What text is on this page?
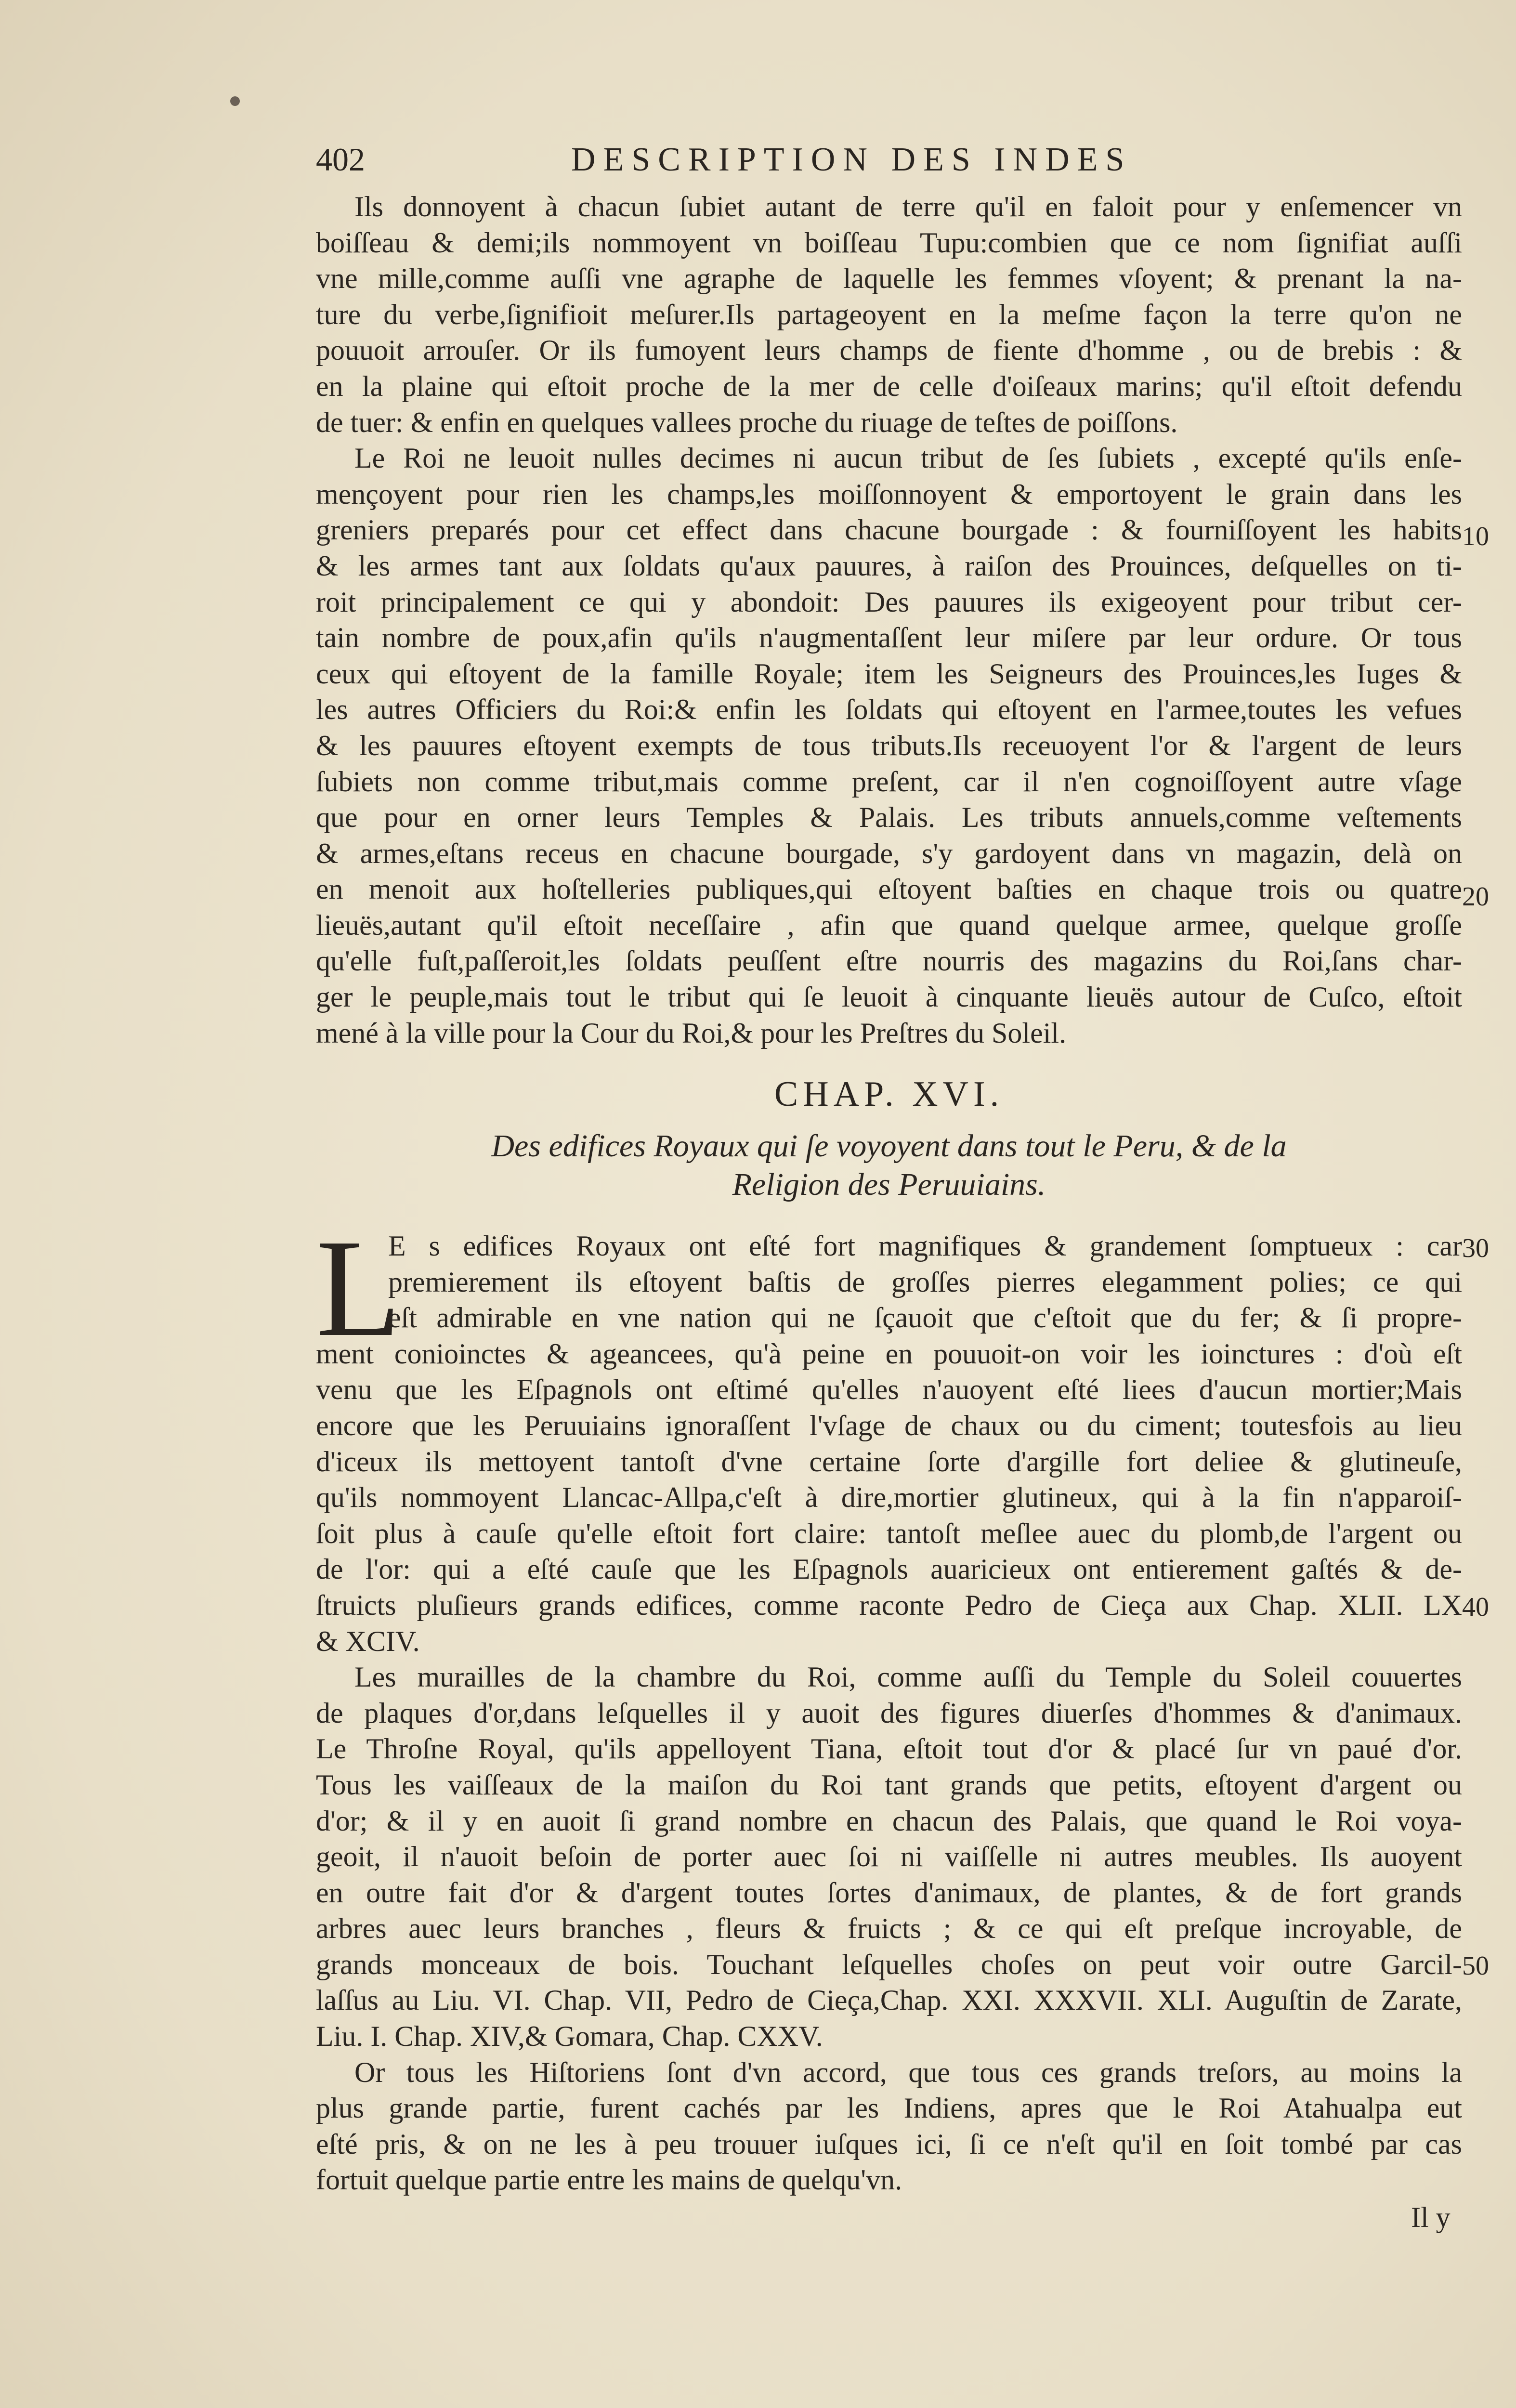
402	DESCRIPTION DES INDES
Ils donnoyent à chacun ſubiet autant de terre qu'il en faloit pour y enſemencer vn
boiſſeau & demi;ils nommoyent vn boiſſeau Tupu:combien que ce nom ſignifiat auſſi
vne mille,comme auſſi vne agraphe de laquelle les femmes vſoyent; & prenant la na-
ture du verbe,ſignifioit meſurer.Ils partageoyent en la meſme façon la terre qu'on ne
pouuoit arrouſer. Or ils fumoyent leurs champs de fiente d'homme , ou de brebis : &
en la plaine qui eſtoit proche de la mer de celle d'oiſeaux marins; qu'il eſtoit defendu
de tuer: & enfin en quelques vallees proche du riuage de teſtes de poiſſons.
Le Roi ne leuoit nulles decimes ni aucun tribut de ſes ſubiets , excepté qu'ils enſe-
mençoyent pour rien les champs,les moiſſonnoyent & emportoyent le grain dans les
greniers preparés pour cet effect dans chacune bourgade : & fourniſſoyent les habits
& les armes tant aux ſoldats qu'aux pauures, à raiſon des Prouinces, deſquelles on ti-
roit principalement ce qui y abondoit: Des pauures ils exigeoyent pour tribut cer-
tain nombre de poux,afin qu'ils n'augmentaſſent leur miſere par leur ordure. Or tous
ceux qui eſtoyent de la famille Royale; item les Seigneurs des Prouinces,les Iuges &
les autres Officiers du Roi:& enfin les ſoldats qui eſtoyent en l'armee,toutes les vefues
& les pauures eſtoyent exempts de tous tributs.Ils receuoyent l'or & l'argent de leurs
ſubiets non comme tribut,mais comme preſent, car il n'en cognoiſſoyent autre vſage
que pour en orner leurs Temples & Palais. Les tributs annuels,comme veſtements
& armes,eſtans receus en chacune bourgade, s'y gardoyent dans vn magazin, delà on
en menoit aux hoſtelleries publiques,qui eſtoyent baſties en chaque trois ou quatre
lieuës,autant qu'il eſtoit neceſſaire , afin que quand quelque armee, quelque groſſe
qu'elle fuſt,paſſeroit,les ſoldats peuſſent eſtre nourris des magazins du Roi,ſans char-
ger le peuple,mais tout le tribut qui ſe leuoit à cinquante lieuës autour de Cuſco, eſtoit
mené à la ville pour la Cour du Roi,& pour les Preſtres du Soleil.
CHAP. XVI.
Des edifices Royaux qui ſe voyoyent dans tout le Peru, & de la
Religion des Peruuiains.
L
E s edifices Royaux ont eſté fort magnifiques & grandement ſomptueux : car
premierement ils eſtoyent baſtis de groſſes pierres elegamment polies; ce qui
eſt admirable en vne nation qui ne ſçauoit que c'eſtoit que du fer; & ſi propre-
ment conioinctes & ageancees, qu'à peine en pouuoit-on voir les ioinctures : d'où eſt
venu que les Eſpagnols ont eſtimé qu'elles n'auoyent eſté liees d'aucun mortier;Mais
encore que les Peruuiains ignoraſſent l'vſage de chaux ou du ciment; toutesfois au lieu
d'iceux ils mettoyent tantoſt d'vne certaine ſorte d'argille fort deliee & glutineuſe,
qu'ils nommoyent Llancac-Allpa,c'eſt à dire,mortier glutineux, qui à la fin n'apparoiſ-
ſoit plus à cauſe qu'elle eſtoit fort claire: tantoſt meſlee auec du plomb,de l'argent ou
de l'or: qui a eſté cauſe que les Eſpagnols auaricieux ont entierement gaſtés & de-
ſtruicts pluſieurs grands edifices, comme raconte Pedro de Cieça aux Chap. XLII. LX
& XCIV.
Les murailles de la chambre du Roi, comme auſſi du Temple du Soleil couuertes
de plaques d'or,dans leſquelles il y auoit des figures diuerſes d'hommes & d'animaux.
Le Throſne Royal, qu'ils appelloyent Tiana, eſtoit tout d'or & placé ſur vn paué d'or.
Tous les vaiſſeaux de la maiſon du Roi tant grands que petits, eſtoyent d'argent ou
d'or; & il y en auoit ſi grand nombre en chacun des Palais, que quand le Roi voya-
geoit, il n'auoit beſoin de porter auec ſoi ni vaiſſelle ni autres meubles. Ils auoyent
en outre fait d'or & d'argent toutes ſortes d'animaux, de plantes, & de fort grands
arbres auec leurs branches , fleurs & fruicts ; & ce qui eſt preſque incroyable, de
grands monceaux de bois. Touchant leſquelles choſes on peut voir outre Garcil-
laſſus au Liu. VI. Chap. VII, Pedro de Cieça,Chap. XXI. XXXVII. XLI. Auguſtin de Zarate,
Liu. I. Chap. XIV,& Gomara, Chap. CXXV.
Or tous les Hiſtoriens ſont d'vn accord, que tous ces grands treſors, au moins la
plus grande partie, furent cachés par les Indiens, apres que le Roi Atahualpa eut
eſté pris, & on ne les à peu trouuer iuſques ici, ſi ce n'eſt qu'il en ſoit tombé par cas
fortuit quelque partie entre les mains de quelqu'vn.
10
20
30
40
50
Il y
